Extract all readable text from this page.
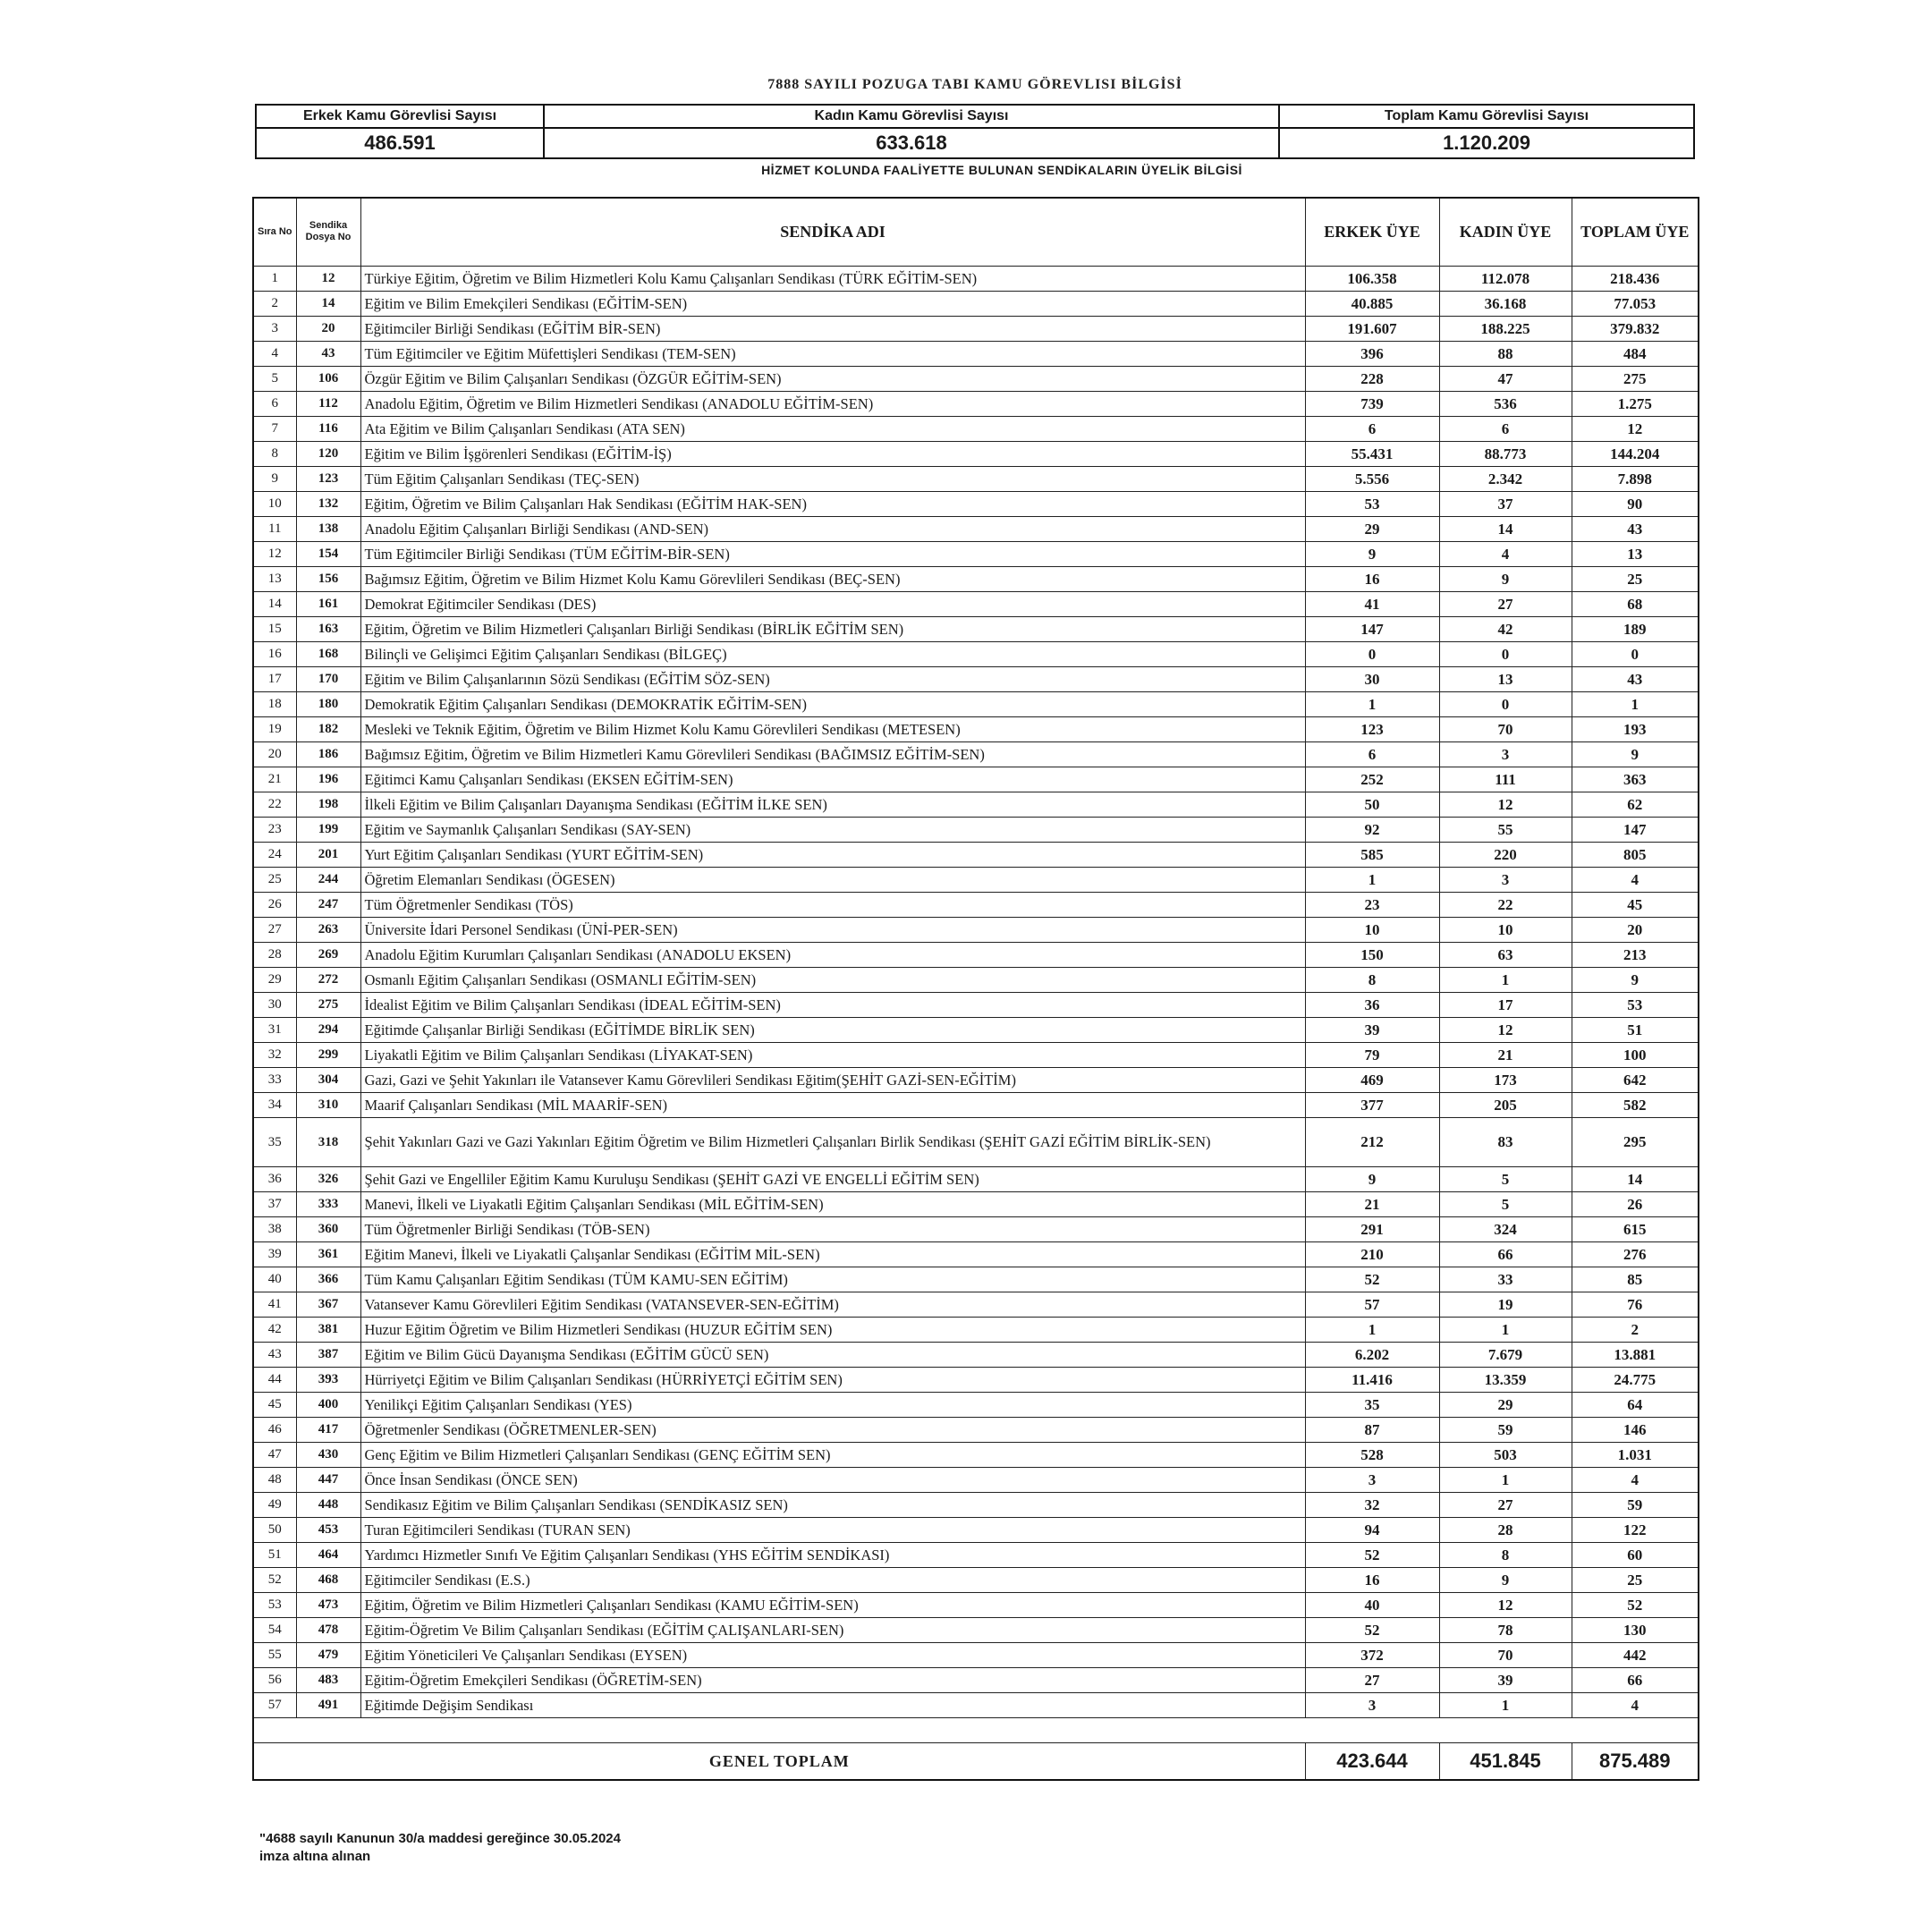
7888 SAYILI POZUGA TABI KAMU GÖREVLISI BİLGİSİ
Erkek Kamu Görevlisi Sayısı	Kadın Kamu Görevlisi Sayısı	Toplam Kamu Görevlisi Sayısı
486.591	633.618	1.120.209
HİZMET KOLUNDA FAALİYETTE BULUNAN SENDİKALARIN ÜYELİK BİLGİSİ
Sıra No	Sendika Dosya No	SENDİKA ADI	ERKEK ÜYE	KADIN ÜYE	TOPLAM ÜYE
1	12	Türkiye Eğitim, Öğretim ve Bilim Hizmetleri Kolu Kamu Çalışanları Sendikası (TÜRK EĞİTİM-SEN)	106.358	112.078	218.436
2	14	Eğitim ve Bilim Emekçileri Sendikası (EĞİTİM-SEN)	40.885	36.168	77.053
3	20	Eğitimciler Birliği Sendikası (EĞİTİM BİR-SEN)	191.607	188.225	379.832
4	43	Tüm Eğitimciler ve Eğitim Müfettişleri Sendikası (TEM-SEN)	396	88	484
5	106	Özgür Eğitim ve Bilim Çalışanları Sendikası (ÖZGÜR EĞİTİM-SEN)	228	47	275
6	112	Anadolu Eğitim, Öğretim ve Bilim Hizmetleri Sendikası (ANADOLU EĞİTİM-SEN)	739	536	1.275
7	116	Ata Eğitim ve Bilim Çalışanları Sendikası (ATA SEN)	6	6	12
8	120	Eğitim ve Bilim İşgörenleri Sendikası (EĞİTİM-İŞ)	55.431	88.773	144.204
9	123	Tüm Eğitim Çalışanları Sendikası (TEÇ-SEN)	5.556	2.342	7.898
10	132	Eğitim, Öğretim ve Bilim Çalışanları Hak Sendikası (EĞİTİM HAK-SEN)	53	37	90
11	138	Anadolu Eğitim Çalışanları Birliği Sendikası (AND-SEN)	29	14	43
12	154	Tüm Eğitimciler Birliği Sendikası (TÜM EĞİTİM-BİR-SEN)	9	4	13
13	156	Bağımsız Eğitim, Öğretim ve Bilim Hizmet Kolu Kamu Görevlileri Sendikası (BEÇ-SEN)	16	9	25
14	161	Demokrat Eğitimciler Sendikası (DES)	41	27	68
15	163	Eğitim, Öğretim ve Bilim Hizmetleri Çalışanları Birliği Sendikası (BİRLİK EĞİTİM SEN)	147	42	189
16	168	Bilinçli ve Gelişimci Eğitim Çalışanları Sendikası (BİLGEÇ)	0	0	0
17	170	Eğitim ve Bilim Çalışanlarının Sözü Sendikası (EĞİTİM SÖZ-SEN)	30	13	43
18	180	Demokratik Eğitim Çalışanları Sendikası (DEMOKRATİK EĞİTİM-SEN)	1	0	1
19	182	Mesleki ve Teknik Eğitim, Öğretim ve Bilim Hizmet Kolu Kamu Görevlileri Sendikası (METESEN)	123	70	193
20	186	Bağımsız Eğitim, Öğretim ve Bilim Hizmetleri Kamu Görevlileri Sendikası (BAĞIMSIZ EĞİTİM-SEN)	6	3	9
21	196	Eğitimci Kamu Çalışanları Sendikası (EKSEN EĞİTİM-SEN)	252	111	363
22	198	İlkeli Eğitim ve Bilim Çalışanları Dayanışma Sendikası (EĞİTİM İLKE SEN)	50	12	62
23	199	Eğitim ve Saymanlık Çalışanları Sendikası (SAY-SEN)	92	55	147
24	201	Yurt Eğitim Çalışanları Sendikası (YURT EĞİTİM-SEN)	585	220	805
25	244	Öğretim Elemanları Sendikası (ÖGESEN)	1	3	4
26	247	Tüm Öğretmenler Sendikası (TÖS)	23	22	45
27	263	Üniversite İdari Personel Sendikası (ÜNİ-PER-SEN)	10	10	20
28	269	Anadolu Eğitim Kurumları Çalışanları Sendikası (ANADOLU EKSEN)	150	63	213
29	272	Osmanlı Eğitim Çalışanları Sendikası (OSMANLI EĞİTİM-SEN)	8	1	9
30	275	İdealist Eğitim ve Bilim Çalışanları Sendikası (İDEAL EĞİTİM-SEN)	36	17	53
31	294	Eğitimde Çalışanlar Birliği Sendikası (EĞİTİMDE BİRLİK SEN)	39	12	51
32	299	Liyakatli Eğitim ve Bilim Çalışanları Sendikası (LİYAKAT-SEN)	79	21	100
33	304	Gazi, Gazi ve Şehit Yakınları ile Vatansever Kamu Görevlileri Sendikası Eğitim(ŞEHİT GAZİ-SEN-EĞİTİM)	469	173	642
34	310	Maarif Çalışanları Sendikası (MİL MAARİF-SEN)	377	205	582
35	318	Şehit Yakınları Gazi ve Gazi Yakınları Eğitim Öğretim ve Bilim Hizmetleri Çalışanları Birlik Sendikası (ŞEHİT GAZİ EĞİTİM BİRLİK-SEN)	212	83	295
36	326	Şehit Gazi ve Engelliler Eğitim Kamu Kuruluşu Sendikası (ŞEHİT GAZİ VE ENGELLİ EĞİTİM SEN)	9	5	14
37	333	Manevi, İlkeli ve Liyakatli Eğitim Çalışanları Sendikası (MİL EĞİTİM-SEN)	21	5	26
38	360	Tüm Öğretmenler Birliği Sendikası (TÖB-SEN)	291	324	615
39	361	Eğitim Manevi, İlkeli ve Liyakatli Çalışanlar Sendikası (EĞİTİM MİL-SEN)	210	66	276
40	366	Tüm Kamu Çalışanları Eğitim Sendikası (TÜM KAMU-SEN EĞİTİM)	52	33	85
41	367	Vatansever Kamu Görevlileri Eğitim Sendikası (VATANSEVER-SEN-EĞİTİM)	57	19	76
42	381	Huzur Eğitim Öğretim ve Bilim Hizmetleri Sendikası (HUZUR EĞİTİM SEN)	1	1	2
43	387	Eğitim ve Bilim Gücü Dayanışma Sendikası (EĞİTİM GÜCÜ SEN)	6.202	7.679	13.881
44	393	Hürriyetçi Eğitim ve Bilim Çalışanları Sendikası (HÜRRİYETÇİ EĞİTİM SEN)	11.416	13.359	24.775
45	400	Yenilikçi Eğitim Çalışanları Sendikası (YES)	35	29	64
46	417	Öğretmenler Sendikası (ÖĞRETMENLER-SEN)	87	59	146
47	430	Genç Eğitim ve Bilim Hizmetleri Çalışanları Sendikası (GENÇ EĞİTİM SEN)	528	503	1.031
48	447	Önce İnsan Sendikası (ÖNCE SEN)	3	1	4
49	448	Sendikasız Eğitim ve Bilim Çalışanları Sendikası (SENDİKASIZ SEN)	32	27	59
50	453	Turan Eğitimcileri Sendikası (TURAN SEN)	94	28	122
51	464	Yardımcı Hizmetler Sınıfı Ve Eğitim Çalışanları Sendikası (YHS EĞİTİM SENDİKASI)	52	8	60
52	468	Eğitimciler Sendikası (E.S.)	16	9	25
53	473	Eğitim, Öğretim ve Bilim Hizmetleri Çalışanları Sendikası (KAMU EĞİTİM-SEN)	40	12	52
54	478	Eğitim-Öğretim Ve Bilim Çalışanları Sendikası (EĞİTİM ÇALIŞANLARI-SEN)	52	78	130
55	479	Eğitim Yöneticileri Ve Çalışanları Sendikası (EYSEN)	372	70	442
56	483	Eğitim-Öğretim Emekçileri Sendikası (ÖĞRETİM-SEN)	27	39	66
57	491	Eğitimde Değişim Sendikası	3	1	4

GENEL TOPLAM			423.644	451.845	875.489
"4688 sayılı Kanunun 30/a maddesi gereğince 30.05.2024
imza altına alınan
